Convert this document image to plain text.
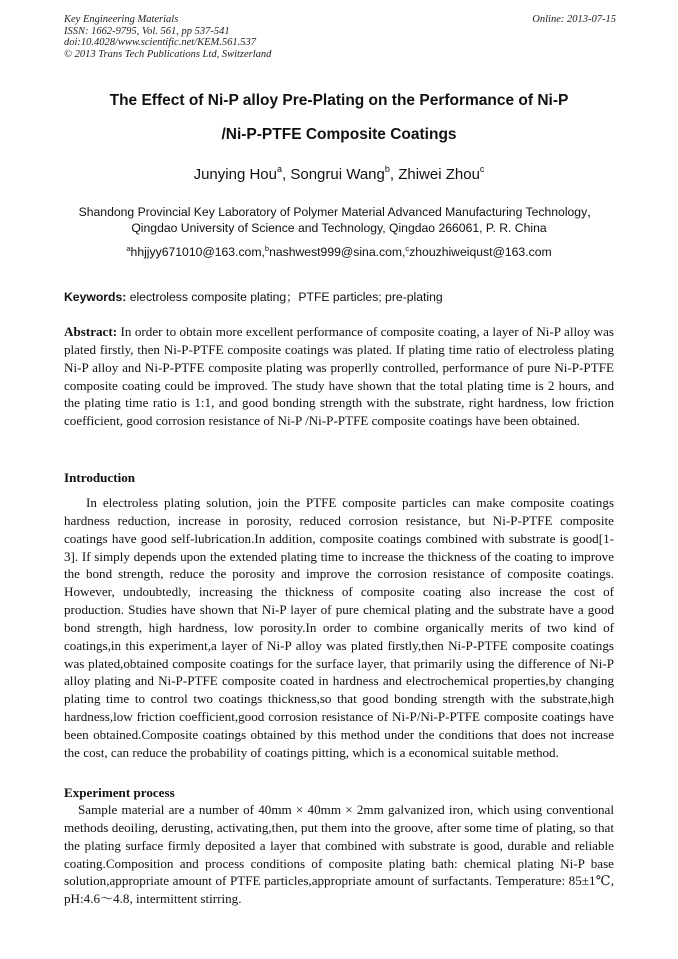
Key Engineering Materials
ISSN: 1662-9795, Vol. 561, pp 537-541
doi:10.4028/www.scientific.net/KEM.561.537
© 2013 Trans Tech Publications Ltd, Switzerland
Online: 2013-07-15
The Effect of Ni-P alloy Pre-Plating on the Performance of Ni-P
/Ni-P-PTFE Composite Coatings
Junying Hou$^a$, Songrui Wang$^b$, Zhiwei Zhou$^c$
Shandong Provincial Key Laboratory of Polymer Material Advanced Manufacturing Technology，
Qingdao University of Science and Technology, Qingdao 266061, P. R. China
$^a$hhjjyy671010@163.com,$^b$nashwest999@sina.com,$^c$zhouzhiweiqust@163.com
Keywords: electroless composite plating；PTFE particles; pre-plating
Abstract: In order to obtain more excellent performance of composite coating, a layer of Ni-P alloy was plated firstly, then Ni-P-PTFE composite coatings was plated. If plating time ratio of electroless plating Ni-P alloy and Ni-P-PTFE composite plating was properlly controlled, performance of pure Ni-P-PTFE composite coating could be improved. The study have shown that the total plating time is 2 hours, and the plating time ratio is 1:1, and good bonding strength with the substrate, right hardness, low friction coefficient, good corrosion resistance of Ni-P /Ni-P-PTFE composite coatings have been obtained.
Introduction
In electroless plating solution, join the PTFE composite particles can make composite coatings hardness reduction, increase in porosity, reduced corrosion resistance, but Ni-P-PTFE composite coatings have good self-lubrication.In addition, composite coatings combined with substrate is good[1-3]. If simply depends upon the extended plating time to increase the thickness of the coating to improve the bond strength, reduce the porosity and improve the corrosion resistance of composite coatings. However, undoubtedly, increasing the thickness of composite coating also increase the cost of production. Studies have shown that Ni-P layer of pure chemical plating and the substrate have a good bond strength, high hardness, low porosity.In order to combine organically merits of two kind of coatings,in this experiment,a layer of Ni-P alloy was plated firstly,then Ni-P-PTFE composite coatings was plated,obtained composite coatings for the surface layer, that primarily using the difference of Ni-P alloy plating and Ni-P-PTFE composite coated in hardness and electrochemical properties,by changing plating time to control two coatings thickness,so that good bonding strength with the substrate,high hardness,low friction coefficient,good corrosion resistance of Ni-P/Ni-P-PTFE composite coatings have been obtained.Composite coatings obtained by this method under the conditions that does not increase the cost, can reduce the probability of coatings pitting, which is a economical suitable method.
Experiment process
Sample material are a number of 40mm × 40mm × 2mm galvanized iron, which using conventional methods deoiling, derusting, activating,then, put them into the groove, after some time of plating, so that the plating surface firmly deposited a layer that combined with substrate is good, durable and reliable coating.Composition and process conditions of composite plating bath: chemical plating Ni-P base solution,appropriate amount of PTFE particles,appropriate amount of surfactants. Temperature: 85±1℃, pH:4.6～4.8, intermittent stirring.
